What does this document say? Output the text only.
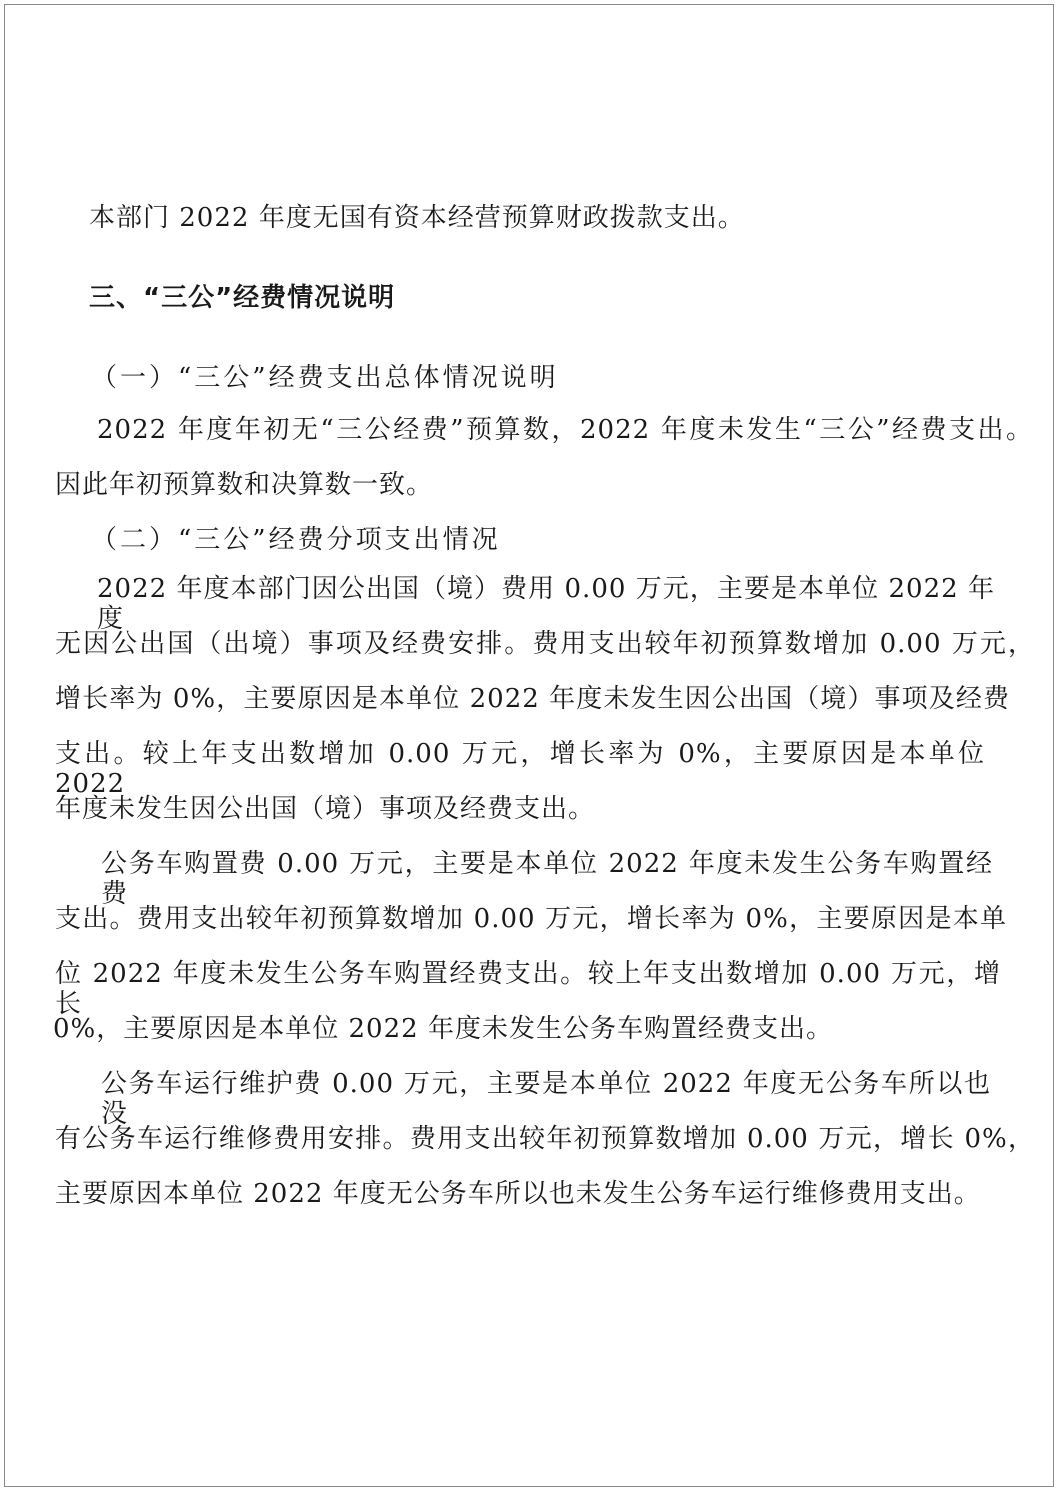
本部门 2022 年度无国有资本经营预算财政拨款支出。
三、“三公”经费情况说明
（一）“三公”经费支出总体情况说明
2022 年度年初无“三公经费”预算数，2022 年度未发生“三公”经费支出。
因此年初预算数和决算数一致。
（二）“三公”经费分项支出情况
2022 年度本部门因公出国（境）费用 0.00 万元，主要是本单位 2022 年度
无因公出国（出境）事项及经费安排。费用支出较年初预算数增加 0.00 万元，
增长率为 0%，主要原因是本单位 2022 年度未发生因公出国（境）事项及经费
支出。较上年支出数增加 0.00 万元，增长率为 0%，主要原因是本单位 2022
年度未发生因公出国（境）事项及经费支出。
公务车购置费 0.00 万元，主要是本单位 2022 年度未发生公务车购置经费
支出。费用支出较年初预算数增加 0.00 万元，增长率为 0%，主要原因是本单
位 2022 年度未发生公务车购置经费支出。较上年支出数增加 0.00 万元，增长
0%，主要原因是本单位 2022 年度未发生公务车购置经费支出。
公务车运行维护费 0.00 万元，主要是本单位 2022 年度无公务车所以也没
有公务车运行维修费用安排。费用支出较年初预算数增加 0.00 万元，增长 0%，
主要原因本单位 2022 年度无公务车所以也未发生公务车运行维修费用支出。
